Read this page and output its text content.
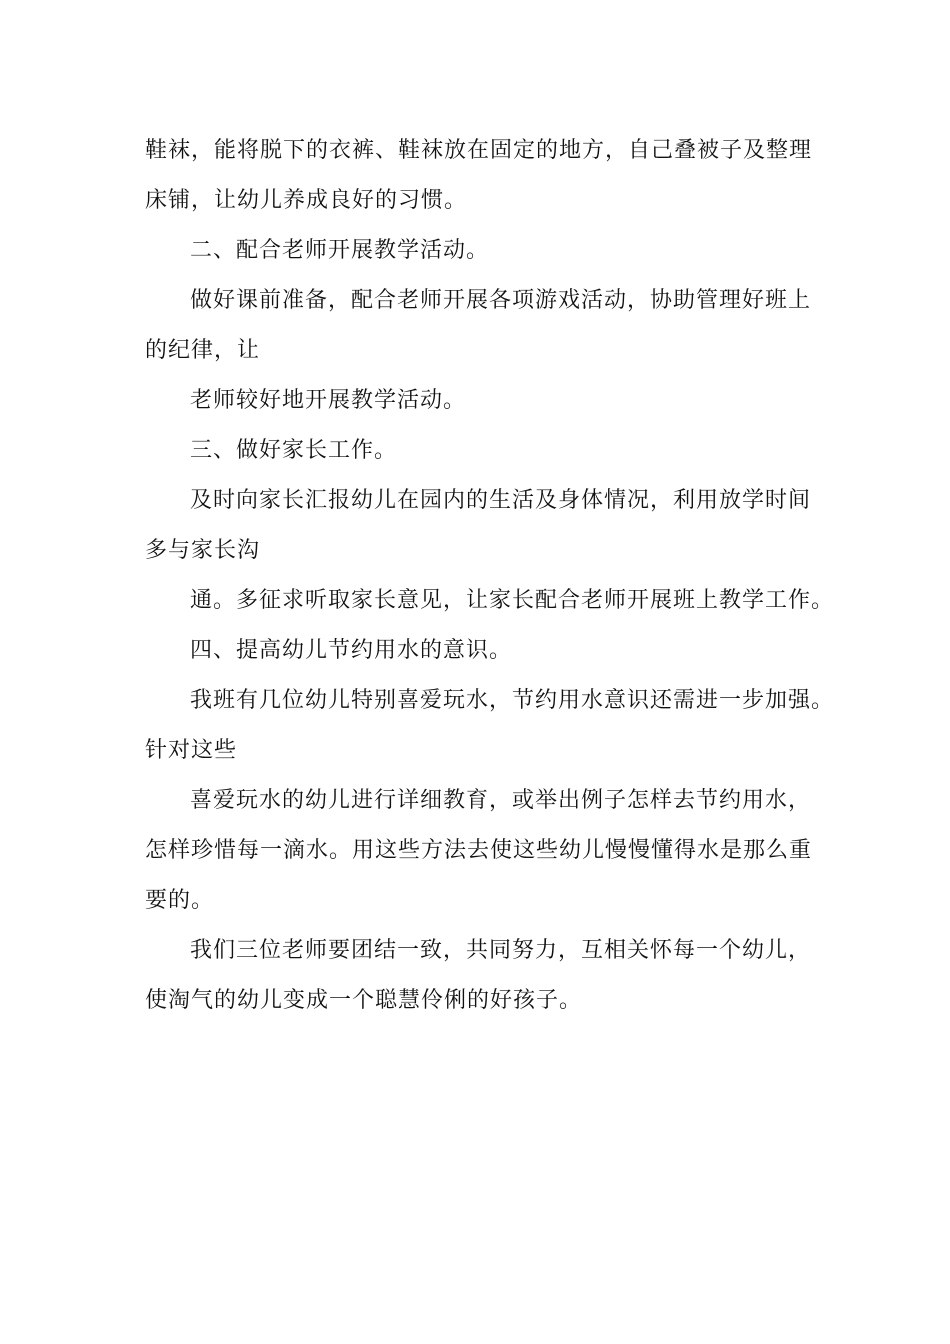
鞋袜，能将脱下的衣裤、鞋袜放在固定的地方，自己叠被子及整理
床铺，让幼儿养成良好的习惯。
二、配合老师开展教学活动。
做好课前准备，配合老师开展各项游戏活动，协助管理好班上
的纪律，让
老师较好地开展教学活动。
三、做好家长工作。
及时向家长汇报幼儿在园内的生活及身体情况，利用放学时间
多与家长沟
通。多征求听取家长意见，让家长配合老师开展班上教学工作。
四、提高幼儿节约用水的意识。
我班有几位幼儿特别喜爱玩水，节约用水意识还需进一步加强。
针对这些
喜爱玩水的幼儿进行详细教育，或举出例子怎样去节约用水，
怎样珍惜每一滴水。用这些方法去使这些幼儿慢慢懂得水是那么重
要的。
我们三位老师要团结一致，共同努力，互相关怀每一个幼儿，
使淘气的幼儿变成一个聪慧伶俐的好孩子。
